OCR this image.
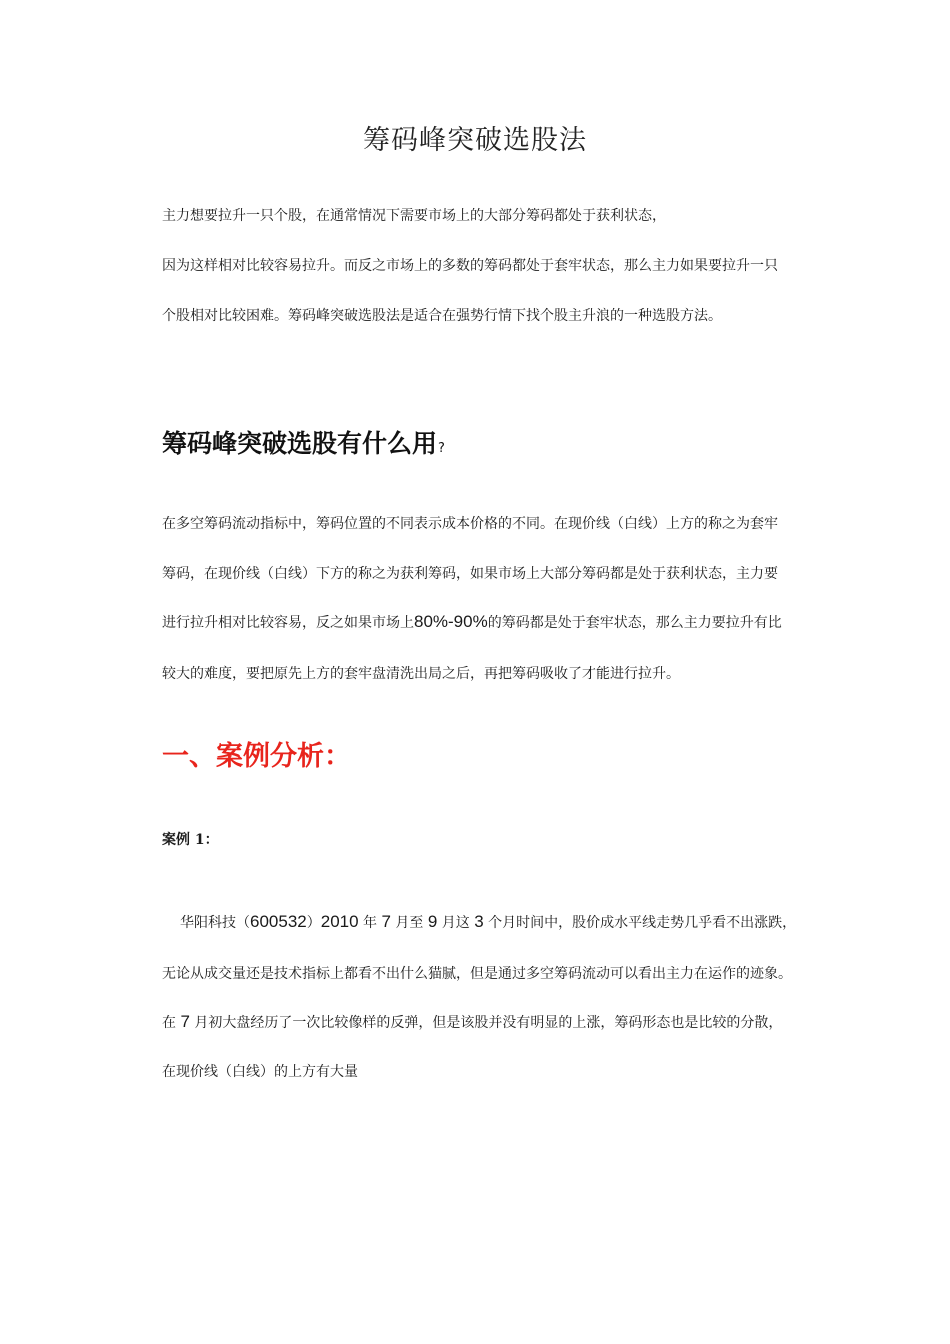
筹码峰突破选股法

主力想要拉升一只个股，在通常情况下需要市场上的大部分筹码都处于获利状态，

因为这样相对比较容易拉升。而反之市场上的多数的筹码都处于套牢状态，那么主力如果要拉升一只

个股相对比较困难。筹码峰突破选股法是适合在强势行情下找个股主升浪的一种选股方法。

筹码峰突破选股有什么用?

在多空筹码流动指标中，筹码位置的不同表示成本价格的不同。在现价线（白线）上方的称之为套牢

筹码，在现价线（白线）下方的称之为获利筹码，如果市场上大部分筹码都是处于获利状态，主力要

进行拉升相对比较容易，反之如果市场上80%-90%的筹码都是处于套牢状态，那么主力要拉升有比

较大的难度，要把原先上方的套牢盘清洗出局之后，再把筹码吸收了才能进行拉升。

一、案例分析：

案例 1：

华阳科技（600532）2010 年 7 月至 9 月这 3 个月时间中，股价成水平线走势几乎看不出涨跌，

无论从成交量还是技术指标上都看不出什么猫腻，但是通过多空筹码流动可以看出主力在运作的迹象。

在 7 月初大盘经历了一次比较像样的反弹，但是该股并没有明显的上涨，筹码形态也是比较的分散，

在现价线（白线）的上方有大量
